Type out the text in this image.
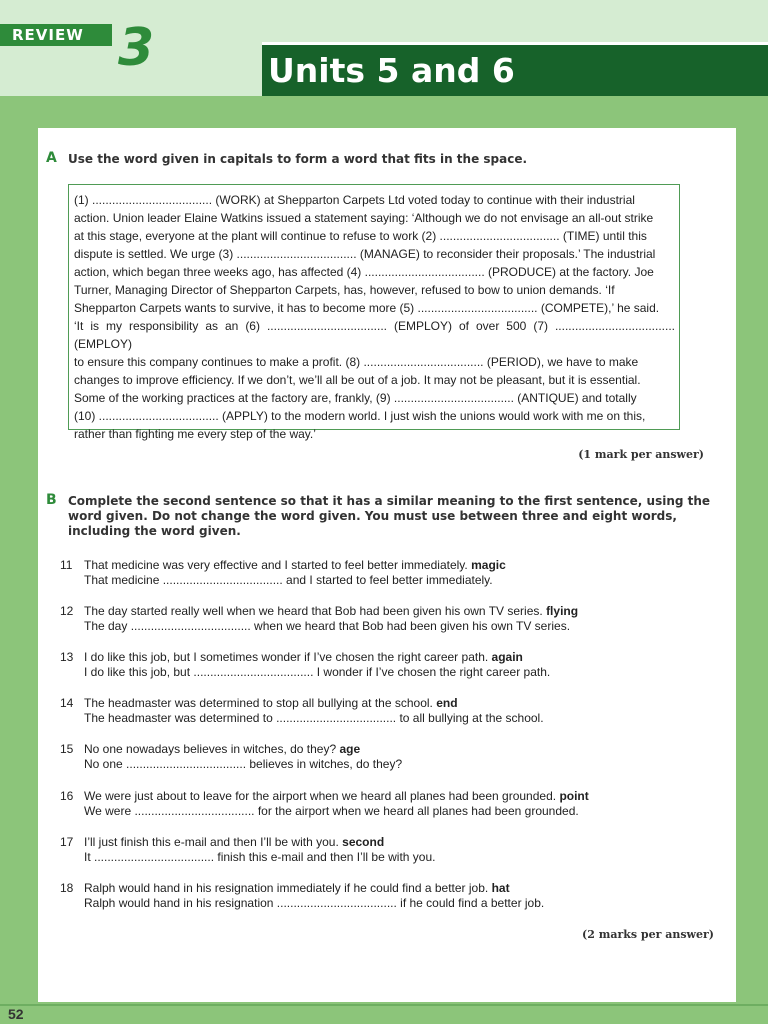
REVIEW 3	Units 5 and 6
A Use the word given in capitals to form a word that fits in the space.
(1) .................................... (WORK) at Shepparton Carpets Ltd voted today to continue with their industrial
action. Union leader Elaine Watkins issued a statement saying: ‘Although we do not envisage an all-out strike
at this stage, everyone at the plant will continue to refuse to work (2) .................................... (TIME) until this
dispute is settled. We urge (3) .................................... (MANAGE) to reconsider their proposals.’ The industrial
action, which began three weeks ago, has affected (4) .................................... (PRODUCE) at the factory. Joe
Turner, Managing Director of Shepparton Carpets, has, however, refused to bow to union demands. ‘If
Shepparton Carpets wants to survive, it has to become more (5) .................................... (COMPETE),’ he said.
‘It is my responsibility as an (6) .................................... (EMPLOY) of over 500 (7) .................................... (EMPLOY)
to ensure this company continues to make a profit. (8) .................................... (PERIOD), we have to make
changes to improve efficiency. If we don’t, we’ll all be out of a job. It may not be pleasant, but it is essential.
Some of the working practices at the factory are, frankly, (9) .................................... (ANTIQUE) and totally
(10) .................................... (APPLY) to the modern world. I just wish the unions would work with me on this,
rather than fighting me every step of the way.’
(1 mark per answer)
B Complete the second sentence so that it has a similar meaning to the first sentence, using the
word given. Do not change the word given. You must use between three and eight words,
including the word given.
11 That medicine was very effective and I started to feel better immediately. magic
That medicine .................................... and I started to feel better immediately.
12 The day started really well when we heard that Bob had been given his own TV series. flying
The day .................................... when we heard that Bob had been given his own TV series.
13 I do like this job, but I sometimes wonder if I’ve chosen the right career path. again
I do like this job, but .................................... I wonder if I’ve chosen the right career path.
14 The headmaster was determined to stop all bullying at the school. end
The headmaster was determined to .................................... to all bullying at the school.
15 No one nowadays believes in witches, do they? age
No one .................................... believes in witches, do they?
16 We were just about to leave for the airport when we heard all planes had been grounded. point
We were .................................... for the airport when we heard all planes had been grounded.
17 I’ll just finish this e-mail and then I’ll be with you. second
It .................................... finish this e-mail and then I’ll be with you.
18 Ralph would hand in his resignation immediately if he could find a better job. hat
Ralph would hand in his resignation .................................... if he could find a better job.
(2 marks per answer)
52
